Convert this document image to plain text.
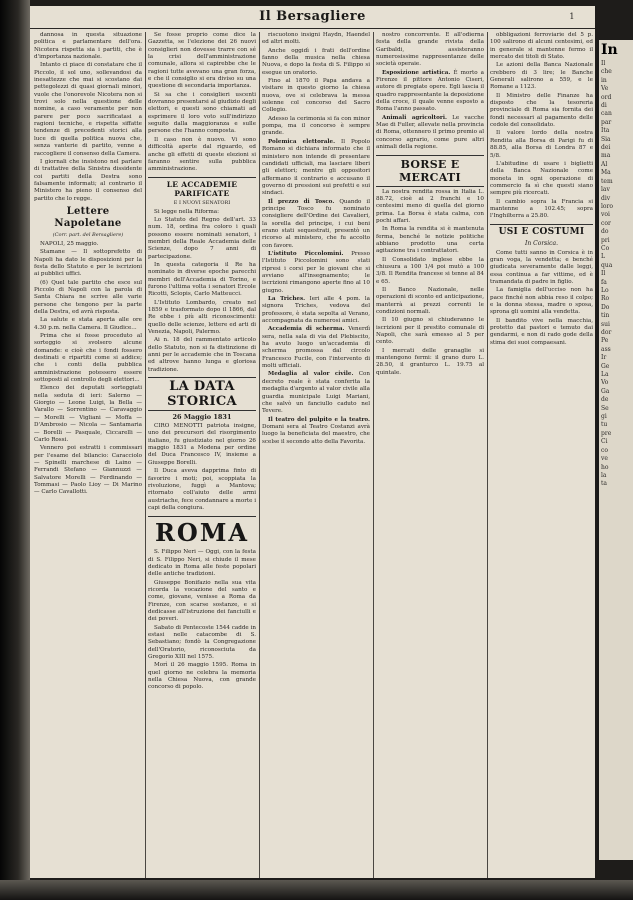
Il Bersagliere	1

dannosa in questa situazione politica e parlamentare dell'ora. Nicotera rispetta sia i partiti, che è d'importanza nazionale.

Intanto ci piace di constatare che il Piccolo, il sol uno, sollevandosi da inesattezze che mai si scostano dai pettegolezzi di quasi giornali minori, vuole che l'onorevole Nicotera non si trovi solo nella questione delle nomine, a caso veramente per non parere per poco sacrificatasi a ragioni tecniche, e rispetta siffatte tendenze di precedenti storici alla luce di quella politica nuova che, senza vanterie di partito, venne a raccogliere il consenso della Camera.

I giornali che insistono nel parlare di trattative della Sinistra dissidente coi partiti della Destra sono falsamente informati; al contrario il Ministero ha pieno il consenso del partito che lo regge.

Lettere Napoletane
(Corr. part. del Bersagliere)

NAPOLI, 25 maggio.

Stamane — Il sottoprefetto di Napoli ha dato le disposizioni per la festa dello Statuto e per le iscrizioni ai pubblici uffici.

(6) Quel tale partito che esce sul Piccolo di Napoli con la parola di Santa Chiara ne scrive alle varie persone che tengono per la parte della Destra, ed avrà risposta.

La salute e stata aperta alle ore 4.30 p.m. nella Camera. Il Giudice...

Prima che si fosse proceduto al sorteggio si svolsero alcune domande: e cioè che i fondi fossero destinati e ripartiti come si addice; che i conti della pubblica amministrazione potessero essere sottoposti al controllo degli elettori...

Elenco dei deputati sorteggiati nella seduta di ieri: Salerno — Giorgio — Leone Luigi, la Bella — Varallo — Sorrentino — Caravaggio — Morelli — Vigliani — Moffa — D'Ambrosio — Nicola — Santamaria — Borelli — Pasquale, Ciccarelli — Carlo Rossi.

Vennero poi estratti i commissari per l'esame del bilancio: Caracciolo — Spinelli marchese di Laino — Ferrandi Stefano — Giannuzzi — Salvatore Morelli — Ferdinando — Tommasi — Paolo Lioy — Di Marino — Carlo Cavallotti.

Se fosse proprio come dice la Gazzetta, se l'elezione dei 26 nuovi consiglieri non dovesse trarre con sé la crisi dell'amministrazione comunale, allora si capirebbe che le ragioni tutte avevano una gran forza, e che il consiglio si era diviso su una questione di secondaria importanza.

Si sa che i consiglieri uscenti dovranno presentarsi al giudizio degli elettori, e questi sono chiamati ad esprimere il loro voto sull'indirizzo seguito dalla maggioranza e sulle persone che l'hanno composta.

Il caso non è nuovo. Vi sono difficoltà aperte dal riguardo, ed anche gli effetti di queste elezioni si faranno sentire sulla pubblica amministrazione.

LE ACCADEMIE PARIFICATE
E I NUOVI SENATORI

Si legge nella Riforma:

Lo Statuto del Regno dell'art. 33 num. 18, ordina fra coloro i quali possono essere nominati senatori, i membri della Reale Accademia delle Scienze, dopo 7 anni di partecipazione.

In questa categoria il Re ha nominato in diverse epoche parecchi membri dell'Accademia di Torino, e furono l'ultima volta i senatori Ercole Ricotti, Sclopis, Carlo Matteucci.

L'Istituto Lombardo, creato nel 1859 e trasformato dopo il 1866, dal Re ebbe i più alti riconoscimenti: quello delle scienze, lettere ed arti di Venezia, Napoli, Palermo.

Ai n. 18 del rammentato articolo dello Statuto, non si fa distinzione di anni per le accademie che in Toscana ed altrove hanno lunga e gloriosa tradizione.

LA DATA STORICA
26 Maggio 1831

CIRO MENOTTI patriota insigne, uno dei precursori del risorgimento italiano, fu giustiziato nel giorno 26 maggio 1831 a Modena per ordine del Duca Francesco IV, insieme a Giuseppe Borelli.

Il Duca aveva dapprima finto di favorire i moti; poi, scoppiata la rivoluzione, fuggì a Mantova; ritornato coll'aiuto delle armi austriache, fece condannare a morte i capi della congiura.

ROMA

S. Filippo Neri — Oggi, con la festa di S. Filippo Neri, si chiude il mese dedicato in Roma alle feste popolari delle antiche tradizioni.

Giuseppe Bonifazio nella sua vita ricorda la vocazione del santo e come, giovane, venisse a Roma da Firenze, con scarse sostanze, e si dedicasse all'istruzione dei fanciulli e dei poveri.

Sabato di Pentecoste 1544 cadde in estasi nelle catacombe di S. Sebastiano; fondò la Congregazione dell'Oratorio, riconosciuta da Gregorio XIII nel 1575.

Morì il 26 maggio 1595. Roma in quel giorno ne celebra la memoria nella Chiesa Nuova, con grande concorso di popolo.

riscuotono insigni Haydn, Haendel ed altri molti.

Anche oggidì i frati dell'ordine fanno della musica nella chiesa Nuova, e dopo la festa di S. Filippo si esegue un oratorio.

Fino al 1870 il Papa andava a visitare in questo giorno la chiesa nuova, ove si celebrava la messa solenne col concorso del Sacro Collegio.

Adesso la cerimonia si fa con minor pompa, ma il concorso è sempre grande.

Polemica elettorale. Il Popolo Romano si dichiara informato che il ministero non intende di presentare candidati ufficiali, ma lasciare liberi gli elettori; mentre gli oppositori affermano il contrario e accusano il governo di pressioni sui prefetti e sui sindaci.

Il prezzo di Tosco. Quando il principe Tosco fu nominato consigliere dell'Ordine dei Cavalieri, la sorella del principe, i cui beni erano stati sequestrati, presentò un ricorso al ministero, che fu accolto con favore.

L'istituto Piccolomini. Presso l'Istituto Piccolomini sono stati ripresi i corsi per le giovani che si avviano all'insegnamento; le iscrizioni rimangono aperte fino al 10 giugno.

La Triches. Ieri alle 4 pom. la signora Triches, vedova del professore, è stata sepolta al Verano, accompagnata da numerosi amici.

Accademia di scherma. Venerdì sera, nella sala di via del Plebiscito, ha avuto luogo un'accademia di scherma promossa dal circolo Francesco Fucile, con l'intervento di molti ufficiali.

Medaglia al valor civile. Con decreto reale è stata conferita la medaglia d'argento al valor civile alla guardia municipale Luigi Mariani, che salvò un fanciullo caduto nel Tevere.

Il teatro del pulpito e la teatro. Domani sera al Teatro Costanzi avrà luogo la beneficiata del maestro, che scelse il secondo atto della Favorita.

nostro concorrente. E all'odierna festa della grande rivista della Garibaldi, assisteranno numerosissime rappresentanze delle società operaie.

Esposizione artistica. È morto a Firenze il pittore Antonio Ciseri, autore di pregiate opere. Egli lascia il quadro rappresentante la deposizione della croce, il quale venne esposto a Roma l'anno passato.

Animali agricoltori. Le vacche Mae di Fuller, allevate nella provincia di Roma, ottennero il primo premio al concorso agrario, come pure altri animali della regione.

BORSE E MERCATI

La nostra rendita rossa in Italia L. 88.72, cioè ai 2 franchi e 10 centesimi meno di quella del giorno prima. La Borsa è stata calma, con pochi affari.

In Roma la rendita si è mantenuta ferma, benché le notizie politiche abbiano prodotto una certa agitazione tra i contrattatori.

Il Consolidato inglese ebbe la chiusura a 100 1/4 poi mutò a 100 3/8. Il Rendita francese si tenne al 84 e 65.

Il Banco Nazionale, nelle operazioni di sconto ed anticipazione, manterrà ai prezzi correnti le condizioni normali.

Il 10 giugno si chiuderanno le iscrizioni per il prestito comunale di Napoli, che sarà emesso al 5 per cento.

I mercati delle granaglie si mantengono fermi: il grano duro L. 28.50, il granturco L. 19.75 al quintale.

obbligazioni ferroviarie del 5 p. 100 salirono di alcuni centesimi, ed in generale si mantenne fermo il mercato dei titoli di Stato.

Le azioni della Banca Nazionale crebbero di 3 lire; le Banche Generali salirono a 559, e le Romane a 1123.

Il Ministro delle Finanze ha disposto che la tesoreria provinciale di Roma sia fornita dei fondi necessari al pagamento delle cedole del consolidato.

Il valore lordo della nostra Rendita alla Borsa di Parigi fu di 88.85, alla Borsa di Londra 87 e 5/8.

L'abitudine di usare i biglietti della Banca Nazionale come moneta in ogni operazione di commercio fa sì che questi siano sempre più ricercati.

Il cambio sopra la Francia si mantenne a 102.45; sopra l'Inghilterra a 25.80.

USI E COSTUMI
In Corsica.

Come tutti sanno in Corsica è in gran voga, la vendetta; e benché giudicata severamente dalle leggi, essa continua a far vittime, ed è tramandata di padre in figlio.

La famiglia dell'ucciso non ha pace finché non abbia reso il colpo; e la donna stessa, madre o sposa, sprona gli uomini alla vendetta.

Il bandito vive nella macchia, protetto dai pastori e temuto dai gendarmi, e non di rado gode della stima dei suoi compaesani.

In
Il
che
in
Ve
ord
di
can
par
Ita
Sia
dei
ma
Al
Ma
tem
lav
div
loro
voi
cor
do
pri
Co
L
qua
Il
fa
Lo
Ro
Do
tin
sui
dor
Pe
ass
Ir
Ge
La
Vo
Ga
de
Se
gi
tu
pre
Ci
co
ve
ho
la
ta
